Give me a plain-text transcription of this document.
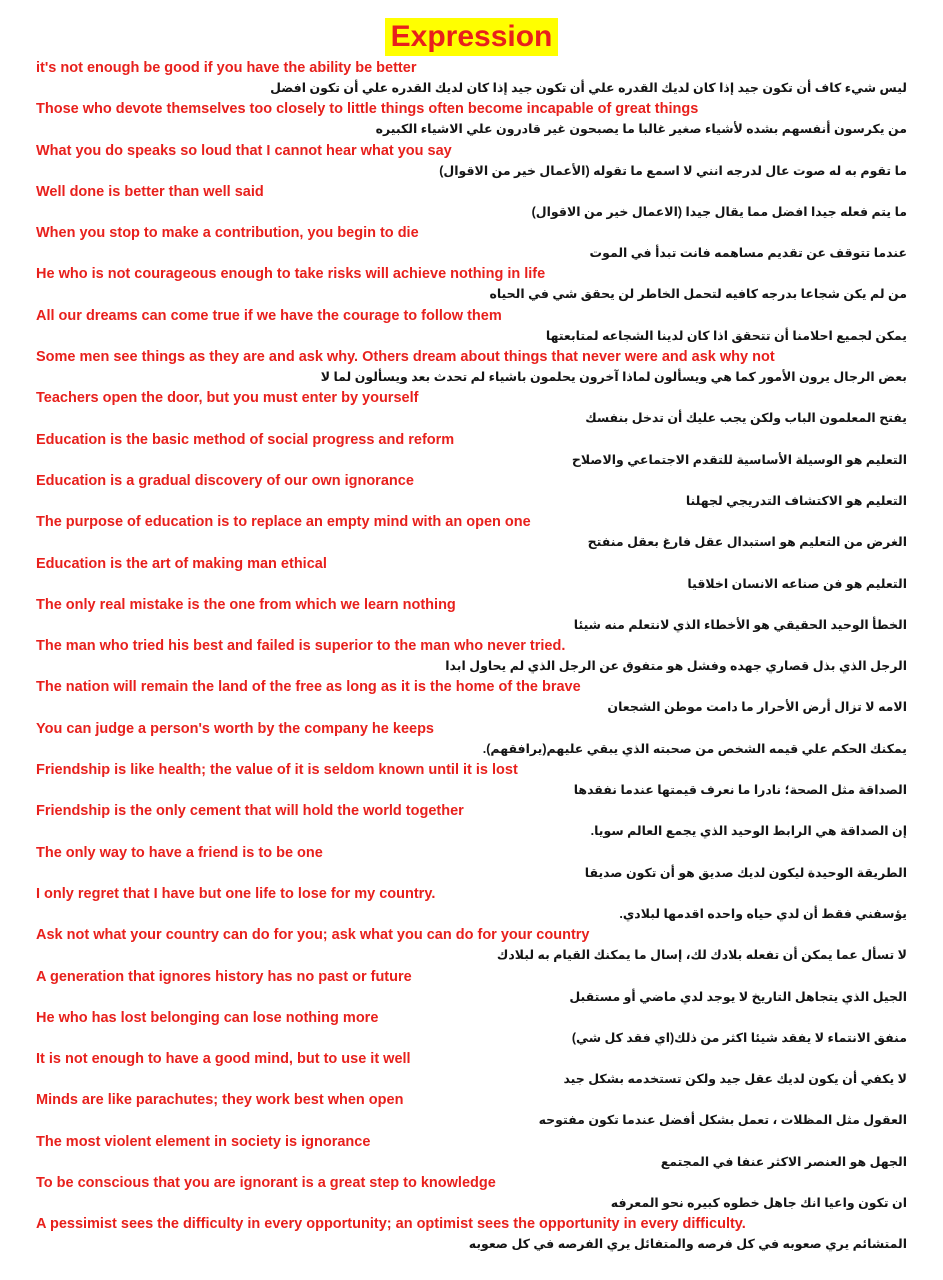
Expression
it's not enough be good if you have the ability be better
ليس شيء كاف أن تكون جيد إذا كان لديك القدره علي أن تكون جيد إذا كان لديك القدره علي أن تكون افضل
Those who devote themselves too closely to little things often become incapable of great things
من يكرسون أنفسهم بشده لأشياء صغير غالبا ما يصبحون غير قادرون علي الاشياء الكبيره
What you do speaks so loud that I cannot hear what you say
ما تقوم به له صوت عال لدرجه انني لا اسمع ما تقوله (الأعمال خير من الاقوال)
Well done is better than well said
ما يتم فعله جيدا افضل مما يقال جيدا (الاعمال خير من الاقوال)
When you stop to make a contribution, you begin to die
عندما تتوقف عن تقديم مساهمه فانت تبدأ في الموت
He who is not courageous enough to take risks will achieve nothing in life
من لم يكن شجاعا بدرجه كافيه لتحمل الخاطر لن يحقق شي في الحياه
All our dreams can come true if we have the courage to follow them
يمكن لجميع احلامنا أن تتحقق اذا كان لدينا الشجاعه لمتابعتها
Some men see things as they are and ask why. Others dream about things that never were and ask why not
بعض الرجال يرون الأمور كما هي ويسألون لماذا آخرون يحلمون باشياء لم تحدث بعد ويسألون لما لا
Teachers open the door, but you must enter by yourself
يفتح المعلمون الباب ولكن يجب عليك أن تدخل بنفسك
Education is the basic method of social progress and reform
التعليم هو الوسيلة الأساسية للتقدم الاجتماعي والاصلاح
Education is a gradual discovery of our own ignorance
التعليم هو الاكتشاف التدريجي لجهلنا
The purpose of education is to replace an empty mind with an open one
الغرض من التعليم هو استبدال عقل فارغ بعقل منفتح
Education is the art of making man ethical
التعليم هو فن صناعه الانسان اخلاقيا
The only real mistake is the one from which we learn nothing
الخطأ الوحيد الحقيقي هو الأخطاء الذي لانتعلم منه شيئا
The man who tried his best and failed is superior to the man who never tried.
الرجل الذي بذل قصاري جهده وفشل هو متفوق عن الرجل الذي لم يحاول ابدا
The nation will remain the land of the free as long as it is the home of the brave
الامه لا تزال أرض الأحرار ما دامت موطن الشجعان
You can judge a person's worth by the company he keeps
يمكنك الحكم علي قيمه الشخص من صحبته الذي يبقي عليهم(يرافقهم).
Friendship is like health; the value of it is seldom known until it is lost
الصداقة مثل الصحة؛ نادرا ما نعرف قيمتها عندما نفقدها
Friendship is the only cement that will hold the world together
إن الصداقة هي الرابط الوحيد الذي يجمع العالم سويا.
The only way to have a friend is to be one
الطريقة الوحيدة ليكون لديك صديق هو أن تكون صديقا
I only regret that I have but one life to lose for my country.
يؤسفني فقط أن لدي حياه واحده اقدمها لبلادي.
Ask not what your country can do for you; ask what you can do for your country
لا تسأل عما يمكن أن تفعله بلادك لك، إسال ما يمكنك القيام به لبلادك
A generation that ignores history has no past or future
الجيل الذي يتجاهل التاريخ لا يوجد لدي ماضي أو مستقبل
He who has lost belonging can lose nothing more
منفق الانتماء لا يفقد شيئا اكثر من ذلك(اي فقد كل شي)
It is not enough to have a good mind, but to use it well
لا يكفي أن يكون لديك عقل جيد ولكن تستخدمه بشكل جيد
Minds are like parachutes; they work best when open
العقول مثل المظلات ، تعمل بشكل أفضل عندما تكون مفتوحه
The most violent element in society is ignorance
الجهل هو العنصر الاكثر عنفا في المجتمع
To be conscious that you are ignorant is a great step to knowledge
ان تكون واعيا انك جاهل خطوه كبيره نحو المعرفه
A pessimist sees the difficulty in every opportunity; an optimist sees the opportunity in every difficulty.
المتشائم يري صعوبه في كل فرصه والمتفائل يري الفرصه في كل صعوبه
